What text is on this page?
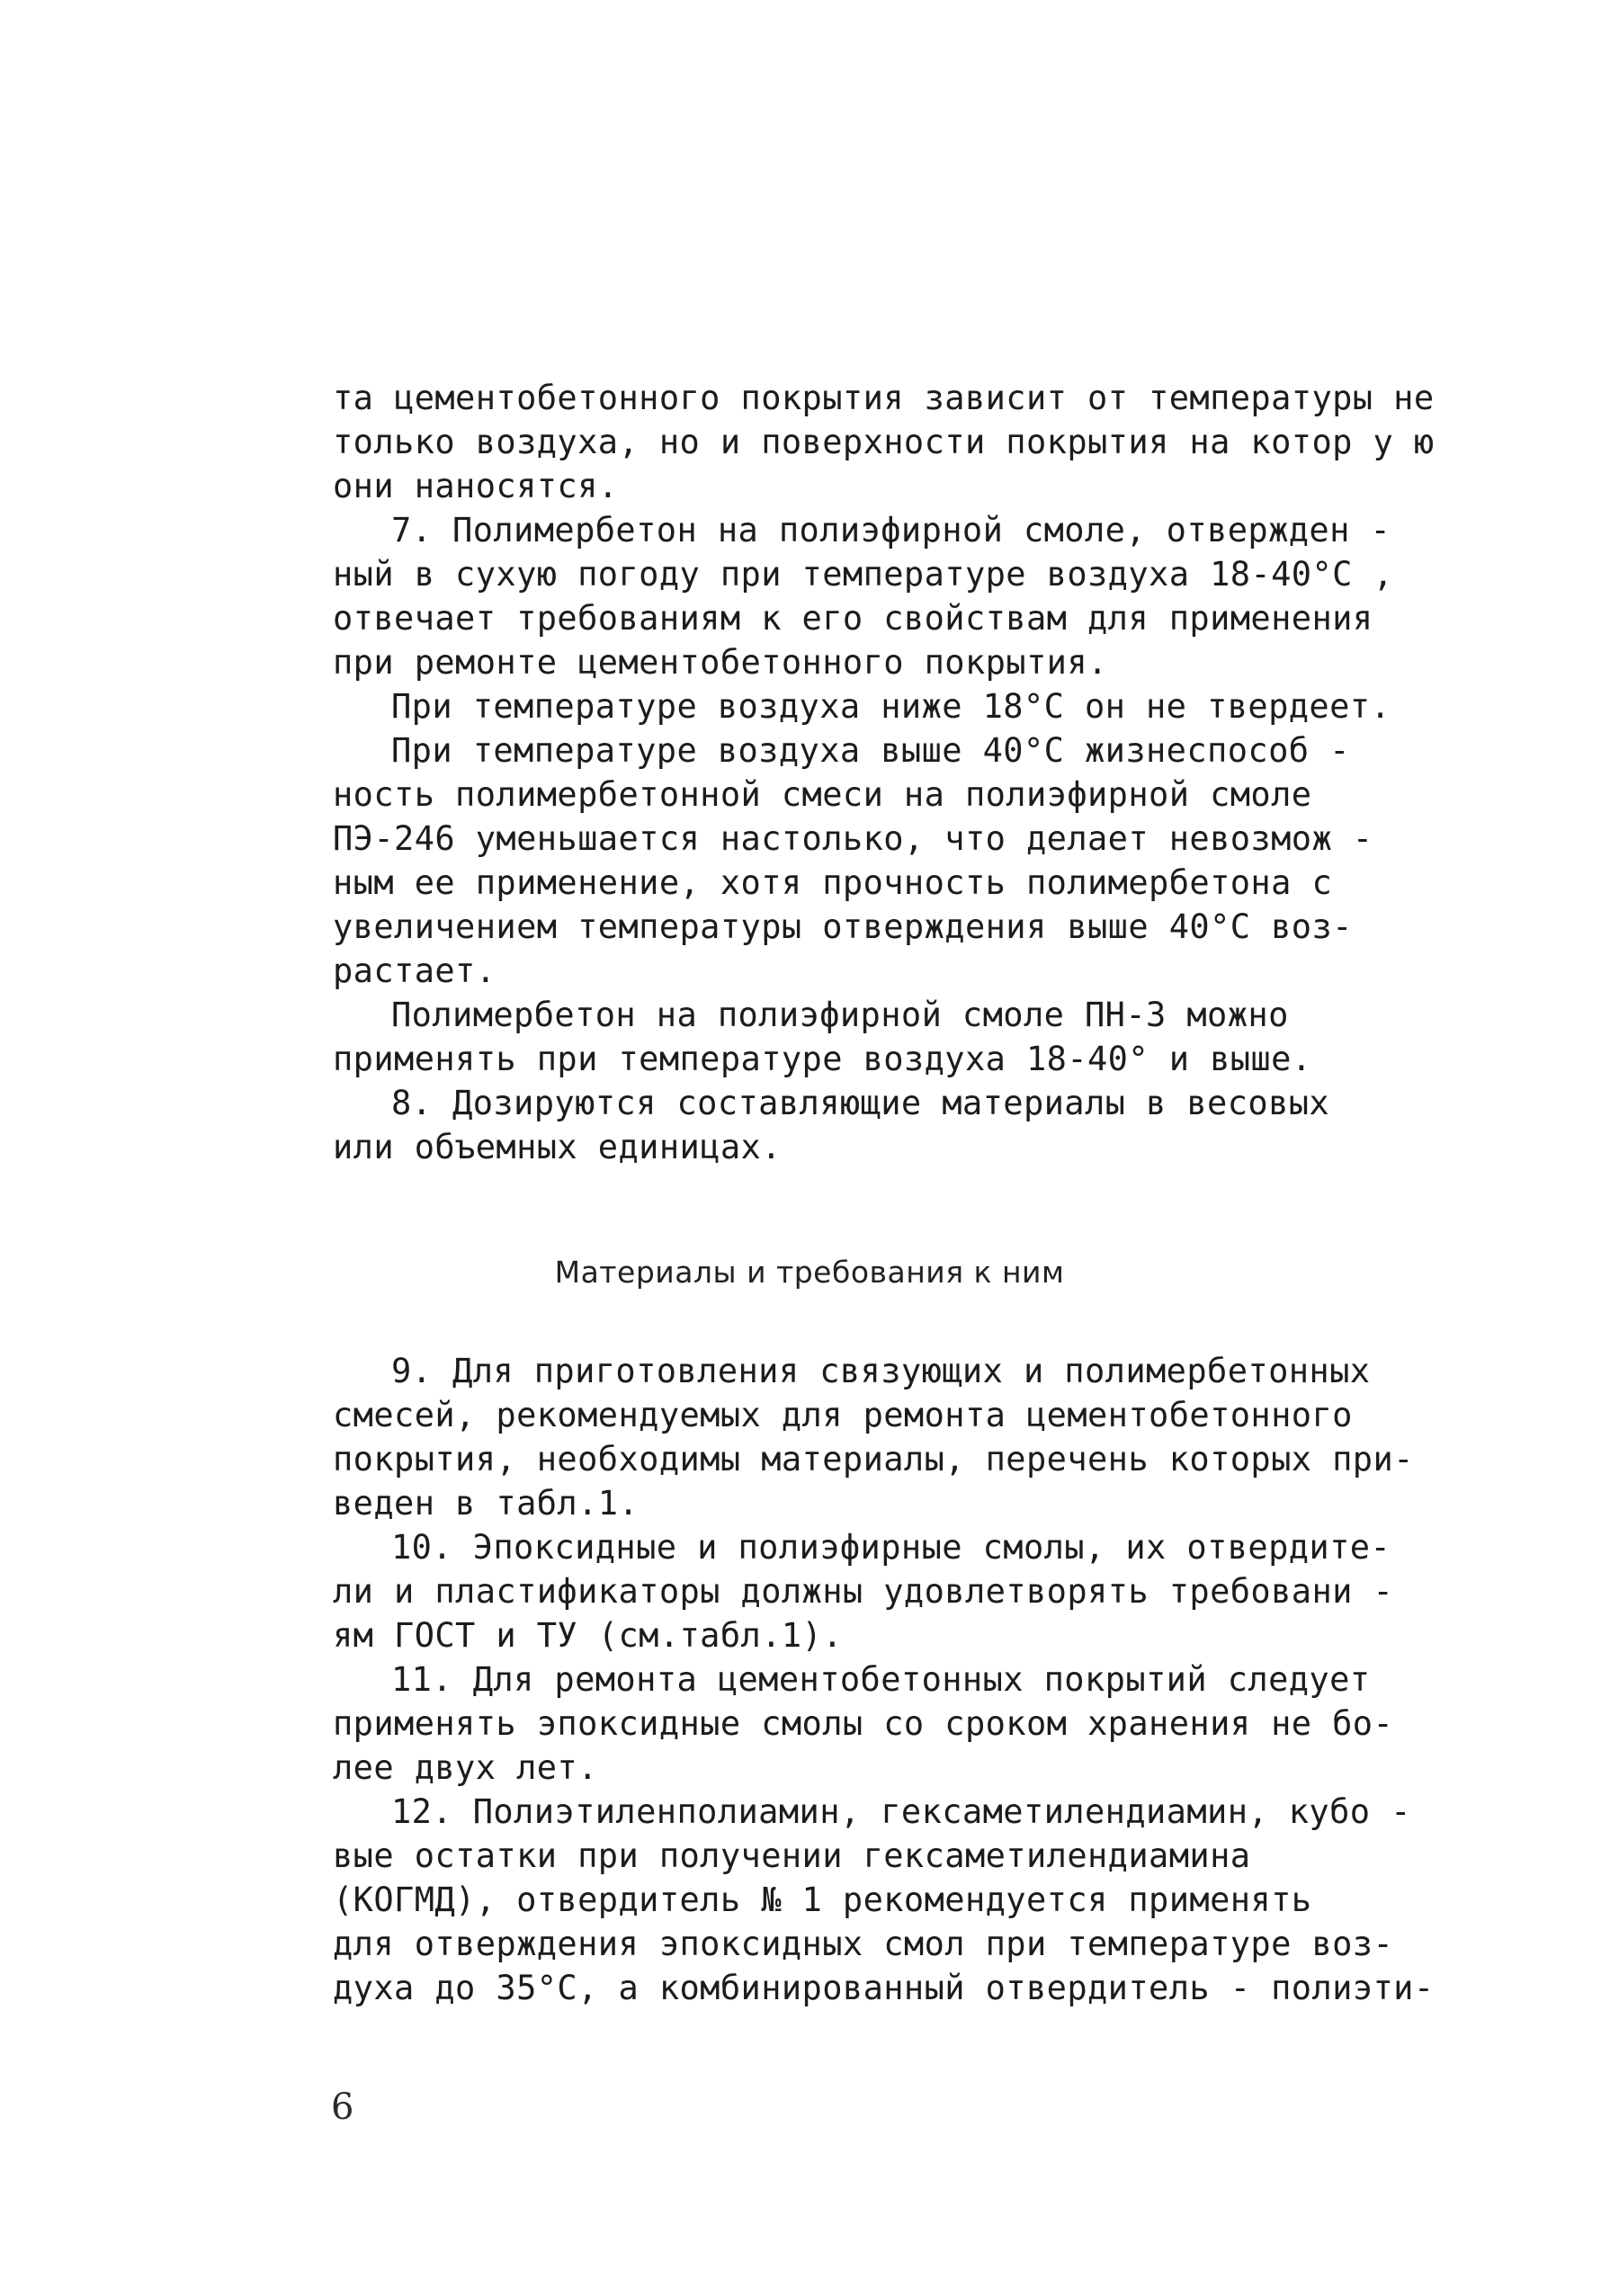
та цементобетонного покрытия зависит от температуры не
только воздуха, но и поверхности покрытия на котор у ю
они наносятся.
7. Полимербетон на полиэфирной смоле, отвержден -
ный в сухую погоду при температуре воздуха 18-40°С ,
отвечает требованиям к его свойствам для применения
при ремонте цементобетонного покрытия.
При температуре воздуха ниже 18°С он не твердеет.
При температуре воздуха выше 40°С жизнеспособ -
ность полимербетонной смеси на полиэфирной смоле
ПЭ-246 уменьшается настолько, что делает невозмож -
ным ее применение, хотя прочность полимербетона с
увеличением температуры отверждения выше 40°С воз-
растает.
Полимербетон на полиэфирной смоле ПН-3 можно
применять при температуре воздуха 18-40° и выше.
8. Дозируются составляющие материалы в весовых
или объемных единицах.
Материалы и требования к ним
9. Для приготовления связующих и полимербетонных
смесей, рекомендуемых для ремонта цементобетонного
покрытия, необходимы материалы, перечень которых при-
веден в табл.1.
10. Эпоксидные и полиэфирные смолы, их отвердите-
ли и пластификаторы должны удовлетворять требовани -
ям ГОСТ и ТУ (см.табл.1).
11. Для ремонта цементобетонных покрытий следует
применять эпоксидные смолы со сроком хранения не бо-
лее двух лет.
12. Полиэтиленполиамин, гексаметилендиамин, кубо -
вые остатки при получении гексаметилендиамина
(КОГМД), отвердитель № 1 рекомендуется применять
для отверждения эпоксидных смол при температуре воз-
духа до 35°С, а комбинированный отвердитель - полиэти-
6
